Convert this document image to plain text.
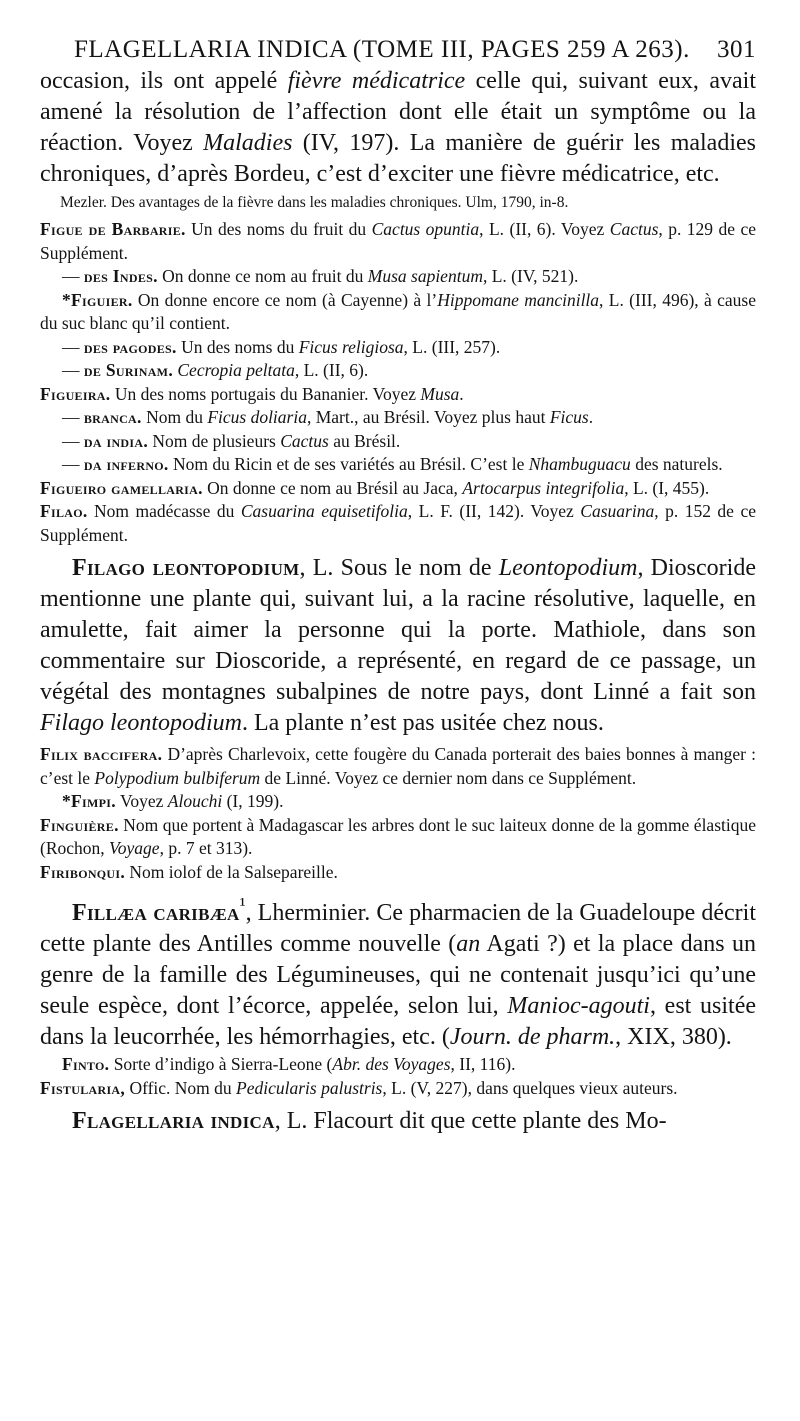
FLAGELLARIA INDICA (TOME III, PAGES 259 A 263). 301

occasion, ils ont appelé fièvre médicatrice celle qui, suivant eux, avait amené la résolution de l’affection dont elle était un symptôme ou la réaction. Voyez Maladies (IV, 197). La manière de guérir les maladies chroniques, d’après Bordeu, c’est d’exciter une fièvre médicatrice, etc.

Mezler. Des avantages de la fièvre dans les maladies chroniques. Ulm, 1790, in-8.

Figue de Barbarie. Un des noms du fruit du Cactus opuntia, L. (II, 6). Voyez Cactus, p. 129 de ce Supplément.

— des Indes. On donne ce nom au fruit du Musa sapientum, L. (IV, 521).

*Figuier. On donne encore ce nom (à Cayenne) à l’Hippomane mancinilla, L. (III, 496), à cause du suc blanc qu’il contient.

— des pagodes. Un des noms du Ficus religiosa, L. (III, 257).

— de Surinam. Cecropia peltata, L. (II, 6).

Figueira. Un des noms portugais du Bananier. Voyez Musa.

— branca. Nom du Ficus doliaria, Mart., au Brésil. Voyez plus haut Ficus.

— da india. Nom de plusieurs Cactus au Brésil.

— da inferno. Nom du Ricin et de ses variétés au Brésil. C’est le Nhambuguacu des naturels.

Figueiro gamellaria. On donne ce nom au Brésil au Jaca, Artocarpus integrifolia, L. (I, 455).

Filao. Nom madécasse du Casuarina equisetifolia, L. F. (II, 142). Voyez Casuarina, p. 152 de ce Supplément.

Filago leontopodium, L. Sous le nom de Leontopodium, Dioscoride mentionne une plante qui, suivant lui, a la racine résolutive, laquelle, en amulette, fait aimer la personne qui la porte. Mathiole, dans son commentaire sur Dioscoride, a représenté, en regard de ce passage, un végétal des montagnes subalpines de notre pays, dont Linné a fait son Filago leontopodium. La plante n’est pas usitée chez nous.

Filix baccifera. D’après Charlevoix, cette fougère du Canada porterait des baies bonnes à manger : c’est le Polypodium bulbiferum de Linné. Voyez ce dernier nom dans ce Supplément.

*Fimpi. Voyez Alouchi (I, 199).

Finguière. Nom que portent à Madagascar les arbres dont le suc laiteux donne de la gomme élastique (Rochon, Voyage, p. 7 et 313).

Firibonqui. Nom iolof de la Salsepareille.

Fillæa caribæa$^{^1}$, Lherminier. Ce pharmacien de la Guadeloupe décrit cette plante des Antilles comme nouvelle (an Agati ?) et la place dans un genre de la famille des Légumineuses, qui ne contenait jusqu’ici qu’une seule espèce, dont l’écorce, appelée, selon lui, Manioc-agouti, est usitée dans la leucorrhée, les hémorrhagies, etc. (Journ. de pharm., XIX, 380).

Finto. Sorte d’indigo à Sierra-Leone (Abr. des Voyages, II, 116).

Fistularia, Offic. Nom du Pedicularis palustris, L. (V, 227), dans quelques vieux auteurs.

Flagellaria indica, L. Flacourt dit que cette plante des Mo-
